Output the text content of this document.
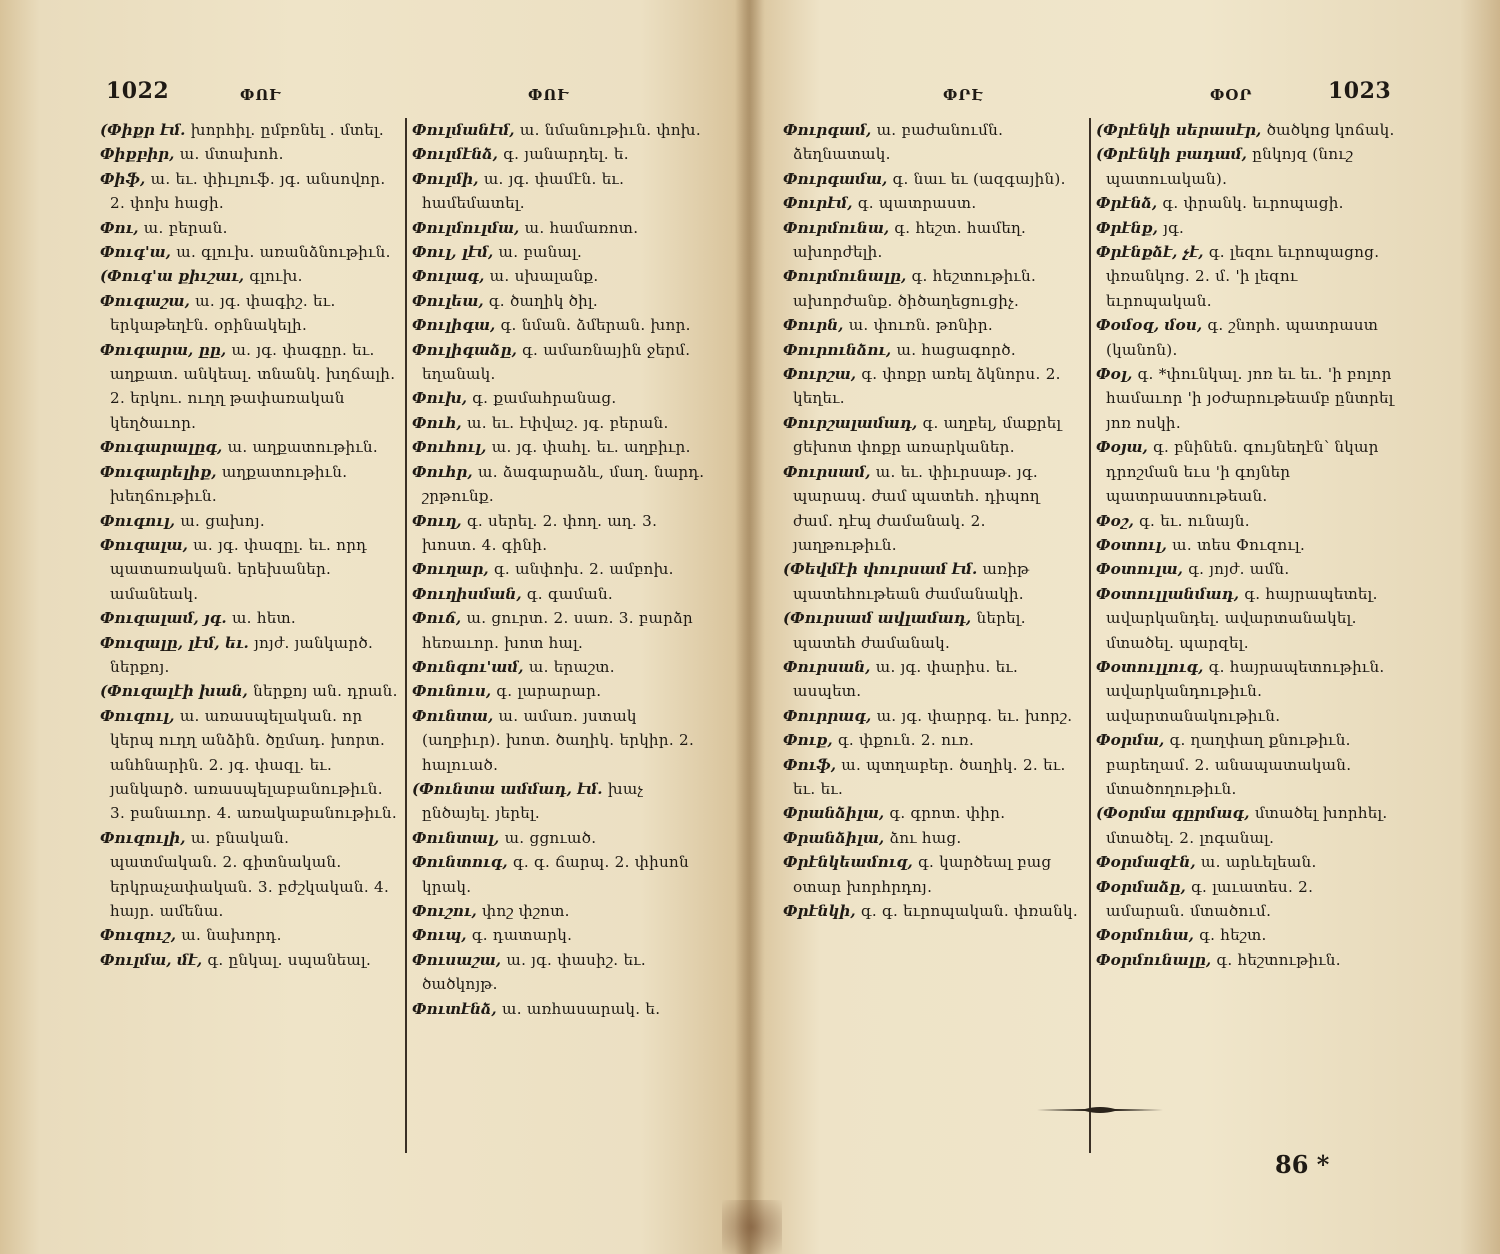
1022	ՓՈՒ	ՓՈՒ

(Փիքր էմ. խորհիլ․ ըմբռնել ․ մտել․

Փիքբիր, ա․ մտախոհ․

Փիֆ, ա․ եւ․ փիւլուֆ․ յգ․ անսովոր․ 2․ փոխ հացի․

Փու, ա․ բերան․

Փուգ'ա, ա․ գլուխ․ առանձնութիւն․

(Փուգ'ա քիւշաւ, գլուխ․

Փուգաշա, ա․ յգ․ փագիշ․ եւ․ երկաթեղէն․ օրինակելի․

Փուգարա, ըը, ա․ յգ․ փագըր․ եւ․ աղքատ․ անկեալ․ տնանկ․ խղճալի․ 2․ երկու․ ուղղ թափառական կեղծաւոր․

Փուգարալըգ, ա․ աղքատութիւն․

Փուգարելիք, աղքատութիւն․ խեղճութիւն․

Փուգուլ, ա․ ցախոյ․

Փուզալա, ա․ յգ․ փազըլ․ եւ․ որդ պատառական․ երեխաներ․ ամանեակ․

Փուզալամ, յգ. ա․ հետ․

Փուզալը, լէմ, եւ. յոյժ․ յանկարծ․ ներքոյ․

(Փուզալէի խան, ներքոյ ան․ դրան․

Փուզուլ, ա․ առասպելական․ որ կերպ ուղղ անձին․ ծըմադ․ խորտ․ անհնարին․ 2․ յգ․ փազլ․ եւ․ յանկարծ․ առասպելաբանութիւն․ 3․ բանաւոր․ 4․ առակաբանութիւն․

Փուզուլի, ա․ բնական․ պատմական․ 2․ գիտնական․ երկրաչափական․ 3․ բժշկական․ 4․ հայր․ ամենա․

Փուզուշ, ա․ նախորդ․

Փուլմա, մէ, գ․ ընկալ․ սպանեալ․

Փուլմանէմ, ա․ նմանութիւն․ փոխ․

Փուլմէնձ, գ․ յանարդել․ ե․

Փուլմի, ա․ յգ․ փամէն․ եւ․ համեմատել․

Փուլմուլմա, ա․ համառոտ․

Փուլ, լէմ, ա․ բանալ․

Փուլագ, ա․ սխալանք․

Փուլեա, գ․ ծաղիկ ծիլ․

Փուլիգա, գ․ նման․ ձմերան․ խոր․

Փուլիգաձը, գ․ ամառնային ջերմ․ եղանակ․

Փուխ, գ․ քամահրանաց․

Փուհ, ա․ եւ․ էփվաշ․ յգ․ բերան․

Փուհուլ, ա․ յգ․ փահլ․ եւ․ աղբիւր․

Փուհր, ա․ ձագարաձև, մաղ․ նարդ․ շրթունք․

Փուղ, գ․ սերել․ 2․ փող․ աղ․ 3․ խոստ․ 4․ գինի․

Փուղար, գ․ անփոխ․ 2․ ամբոխ․

Փուղիսման, գ․ գաման․

Փուճ, ա․ ցուրտ․ 2․ սառ․ 3․ բարձր հեռաւոր․ խոտ հալ․

Փունգու'ամ, ա․ երաշտ․

Փունուս, գ․ լարարար․

Փունտա, ա․ ամառ․ յստակ (աղբիւր)․ խոտ․ ծաղիկ․ երկիր․ 2․ հալուած․

(Փունտա ամմադ, էմ. խաչ ընծայել․ յերել․

Փունտալ, ա․ ցցուած․

Փունտուգ, գ․ գ․ ճարպ․ 2․ փիսոն կրակ․

Փուշու, փոշ փշոտ․

Փուպ, գ․ դատարկ․

Փուսաշա, ա․ յգ․ փասիշ․ եւ․ ծածկոյթ․

Փուտէնձ, ա․ առհասարակ․ ե․

ՓՐԷ	ՓՕՐ	1023

Փուրգամ, ա․ բաժանումն․ ձեղնատակ․

Փուրգամա, գ․ նաւ եւ (ազգային)․

Փուրէմ, գ․ պատրաստ․

Փուրմունա, գ․ հեշտ․ համեղ․ ախորժելի․

Փուրմունալը, գ․ հեշտութիւն․ ախորժանք․ ծիծաղեցուցիչ․

Փուրն, ա․ փուռն․ թոնիր․

Փուրունձու, ա․ հացագործ․

Փուրշա, գ․ փոքր առել ձկնորս․ 2․ կեղեւ․

Փուրշալամադ, գ․ աղբել, մաքրել ցեխոտ փոքր առարկաներ․

Փուրսամ, ա․ եւ․ փիւրսաթ․ յգ․ պարապ․ ժամ պատեհ․ դիպող ժամ․ դէպ ժամանակ․ 2․ յաղթութիւն․

(Փեվմէի փուրսամ էմ. առիթ պատեհութեան ժամանակի․

(Փուրսամ ավլամադ, ներել․ պատեհ ժամանակ․

Փուրսան, ա․ յգ․ փարիս․ եւ․ ասպետ․

Փուրրագ, ա․ յգ․ փարրգ․ եւ․ խորշ․

Փուք, գ․ փքուն․ 2․ ուռ․

Փուֆ, ա․ պտղաբեր․ ծաղիկ․ 2․ եւ․ եւ․ եւ․

Փրանձիլա, գ․ գրոտ․ փիր․

Փրանձիլա, ձու հաց․

Փրէնկեամուզ, գ․ կարծեալ բաց օտար խորհրդոյ․

Փրէնկի, գ․ գ․ եւրոպական․ փռանկ․

(Փրէնկի սերասէր, ծածկոց կոճակ․

(Փրէնկի բադամ, ընկոյզ (նուշ պատուական)․

Փրէնձ, գ․ փրանկ․ եւրոպացի․

Փրէնք, յգ․

Փրէնքձէ, չէ, գ․ լեզու եւրոպացոց․ փռանկոց․ 2․ մ․ 'ի լեզու եւրոպական․

Փօմօզ, մօս, գ․ շնորհ․ պատրաստ (կանոն)․

Փօլ, գ․ *փունկալ․ յոռ եւ եւ․ 'ի բոլոր համաւոր 'ի յօժարութեամբ ընտրել յոռ ոսկի․

Փօյա, գ․ բնինեն․ գույնեղէն՝ նկար դրոշման եւս 'ի գոյներ պատրաստութեան․

Փօշ, գ․ եւ․ ունայն․

Փօտուլ, ա․ տես Փուզուլ․

Փօտուլա, գ․ յոյժ․ ամն․

Փօտուլլանմադ, գ․ հայրապետել․ ավարկանդել․ ավարտանակել․ մտածել․ պարզել․

Փօտուլլուգ, գ․ հայրապետութիւն․ ավարկանդութիւն․ ավարտանակութիւն․

Փօրմա, գ․ ղաղփաղ քնութիւն․ բարեղամ․ 2․ անապատական․ մտածողութիւն․

(Փօրմա գըրմագ, մտածել խորհել․ մտածել․ 2․ լոգանալ․

Փօրմազէն, ա․ արևելեան․

Փօրմաձը, գ․ լաւատես․ 2․ ամարան․ մտածում․

Փօրմունա, գ․ հեշտ․

Փօրմունալը, գ․ հեշտութիւն․

86 *
